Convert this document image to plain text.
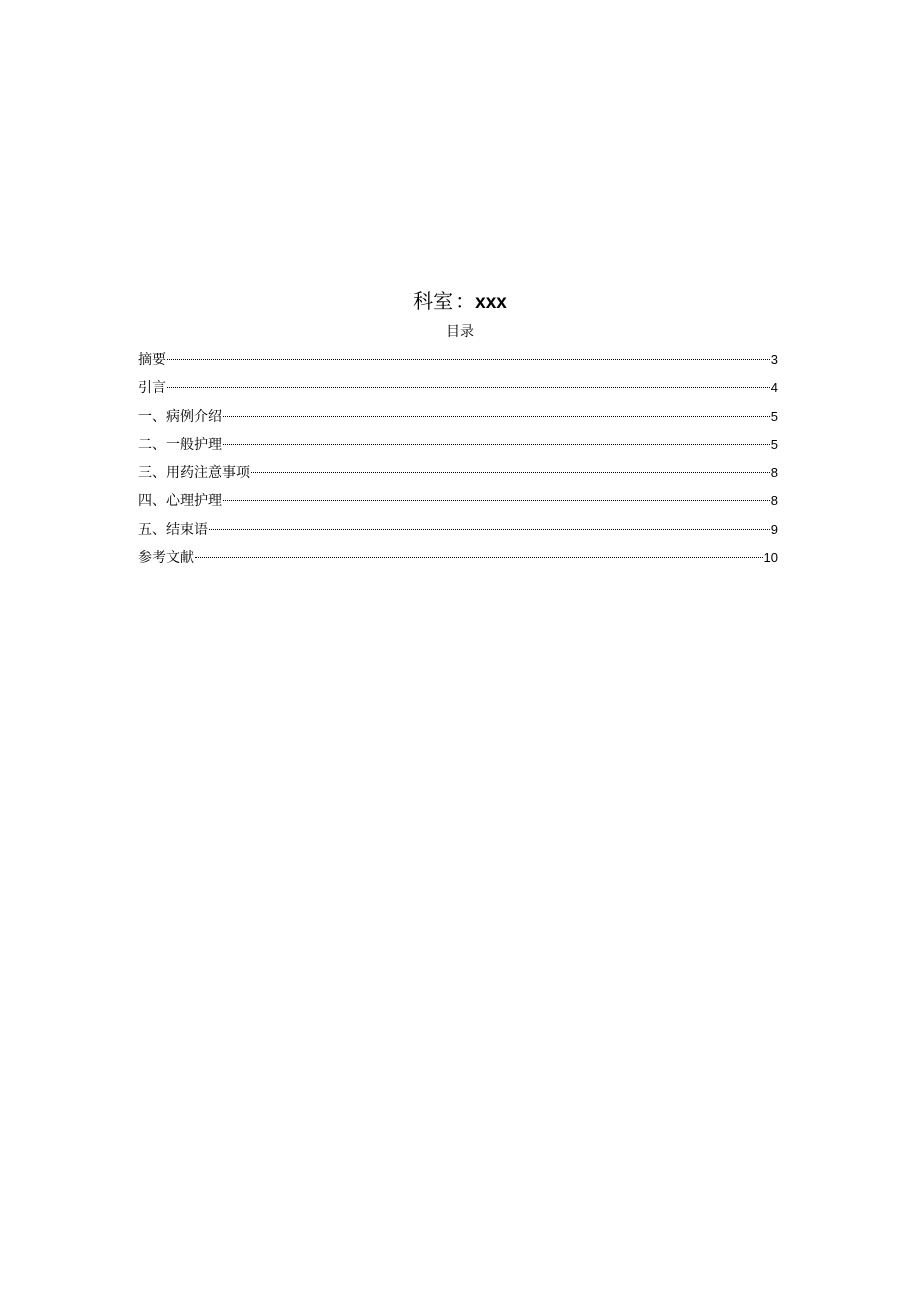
科室 ：xxx
目录
摘要	3
引言	4
一、病例介绍	5
二、一般护理	5
三、用药注意事项	8
四、心理护理	8
五、结束语	9
参考文献	10
